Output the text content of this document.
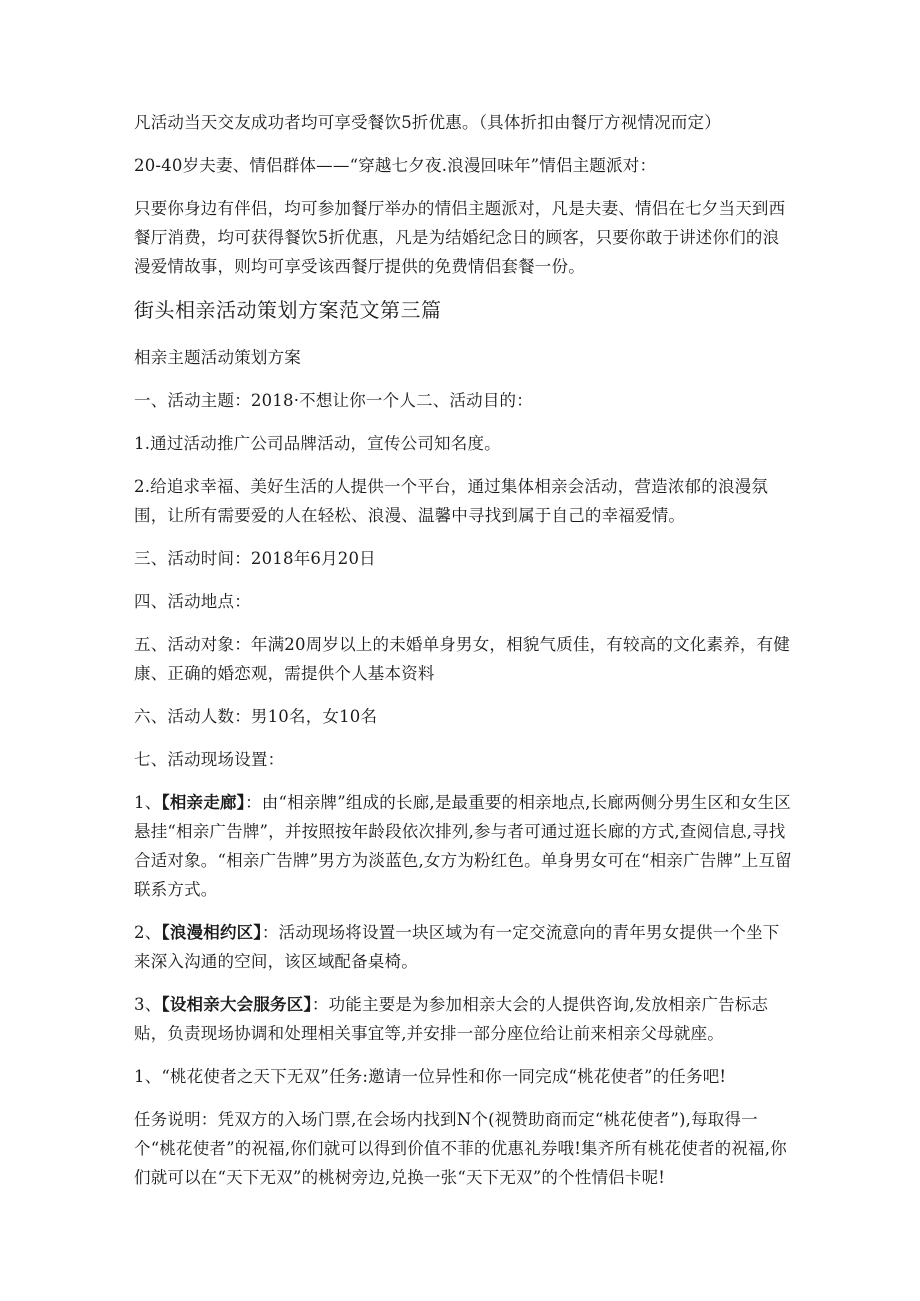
凡活动当天交友成功者均可享受餐饮5折优惠。（具体折扣由餐厅方视情况而定）

20-40岁夫妻、情侣群体——“穿越七夕夜.浪漫回味年”情侣主题派对：

只要你身边有伴侣，均可参加餐厅举办的情侣主题派对，凡是夫妻、情侣在七夕当天到西餐厅消费，均可获得餐饮5折优惠，凡是为结婚纪念日的顾客，只要你敢于讲述你们的浪漫爱情故事，则均可享受该西餐厅提供的免费情侣套餐一份。

街头相亲活动策划方案范文第三篇

相亲主题活动策划方案

一、活动主题：2018·不想让你一个人二、活动目的：

1.通过活动推广公司品牌活动，宣传公司知名度。

2.给追求幸福、美好生活的人提供一个平台，通过集体相亲会活动，营造浓郁的浪漫氛围，让所有需要爱的人在轻松、浪漫、温馨中寻找到属于自己的幸福爱情。

三、活动时间：2018年6月20日

四、活动地点：

五、活动对象：年满20周岁以上的未婚单身男女，相貌气质佳，有较高的文化素养，有健康、正确的婚恋观，需提供个人基本资料

六、活动人数：男10名，女10名

七、活动现场设置：

1、【相亲走廊】：由“相亲牌”组成的长廊,是最重要的相亲地点,长廊两侧分男生区和女生区悬挂“相亲广告牌”，并按照按年龄段依次排列,参与者可通过逛长廊的方式,查阅信息,寻找合适对象。“相亲广告牌”男方为淡蓝色,女方为粉红色。单身男女可在“相亲广告牌”上互留联系方式。

2、【浪漫相约区】：活动现场将设置一块区域为有一定交流意向的青年男女提供一个坐下来深入沟通的空间，该区域配备桌椅。

3、【设相亲大会服务区】：功能主要是为参加相亲大会的人提供咨询,发放相亲广告标志贴，负责现场协调和处理相关事宜等,并安排一部分座位给让前来相亲父母就座。

1、“桃花使者之天下无双”任务:邀请一位异性和你一同完成“桃花使者”的任务吧!

任务说明：凭双方的入场门票,在会场内找到N个(视赞助商而定“桃花使者”),每取得一个“桃花使者”的祝福,你们就可以得到价值不菲的优惠礼券哦!集齐所有桃花使者的祝福,你们就可以在“天下无双”的桃树旁边,兑换一张“天下无双”的个性情侣卡呢!
